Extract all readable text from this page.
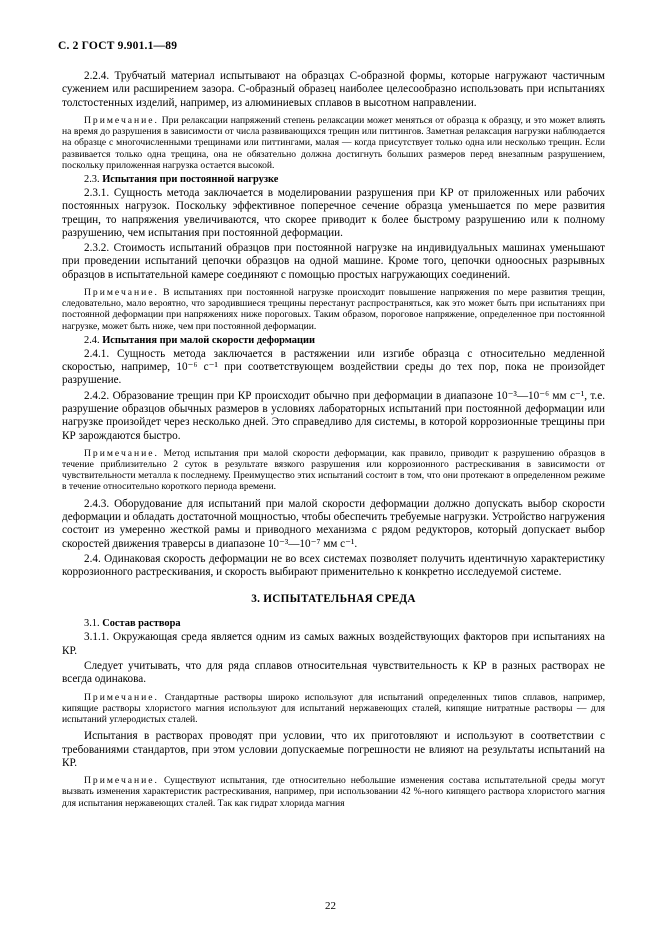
С. 2 ГОСТ 9.901.1—89

2.2.4. Трубчатый материал испытывают на образцах С-образной формы, которые нагружают частичным сужением или расширением зазора. С-образный образец наиболее целесообразно использовать при испытаниях толстостенных изделий, например, из алюминиевых сплавов в высотном направлении.

Примечание. При релаксации напряжений степень релаксации может меняться от образца к образцу, и это может влиять на время до разрушения в зависимости от числа развивающихся трещин или питтингов. Заметная релаксация нагрузки наблюдается на образце с многочисленными трещинами или питтингами, малая — когда присутствует только одна или несколько трещин. Если развивается только одна трещина, она не обязательно должна достигнуть больших размеров перед внезапным разрушением, поскольку приложенная нагрузка остается высокой.

2.3. Испытания при постоянной нагрузке

2.3.1. Сущность метода заключается в моделировании разрушения при КР от приложенных или рабочих постоянных нагрузок. Поскольку эффективное поперечное сечение образца уменьшается по мере развития трещин, то напряжения увеличиваются, что скорее приводит к более быстрому разрушению или к полному разрушению, чем испытания при постоянной деформации.

2.3.2. Стоимость испытаний образцов при постоянной нагрузке на индивидуальных машинах уменьшают при проведении испытаний цепочки образцов на одной машине. Кроме того, цепочки одноосных разрывных образцов в испытательной камере соединяют с помощью простых нагружающих соединений.

Примечание. В испытаниях при постоянной нагрузке происходит повышение напряжения по мере развития трещин, следовательно, мало вероятно, что зародившиеся трещины перестанут распространяться, как это может быть при испытаниях при постоянной деформации при напряжениях ниже пороговых. Таким образом, пороговое напряжение, определенное при постоянной нагрузке, может быть ниже, чем при постоянной деформации.

2.4. Испытания при малой скорости деформации

2.4.1. Сущность метода заключается в растяжении или изгибе образца с относительно медленной скоростью, например, 10⁻⁶ с⁻¹ при соответствующем воздействии среды до тех пор, пока не произойдет разрушение.

2.4.2. Образование трещин при КР происходит обычно при деформации в диапазоне 10⁻³—10⁻⁶ мм с⁻¹, т.е. разрушение образцов обычных размеров в условиях лабораторных испытаний при постоянной деформации или нагрузке произойдет через несколько дней. Это справедливо для системы, в которой коррозионные трещины при КР зарождаются быстро.

Примечание. Метод испытания при малой скорости деформации, как правило, приводит к разрушению образцов в течение приблизительно 2 суток в результате вязкого разрушения или коррозионного растрескивания в зависимости от чувствительности металла к последнему. Преимущество этих испытаний состоит в том, что они протекают в определенном режиме в течение относительно короткого периода времени.

2.4.3. Оборудование для испытаний при малой скорости деформации должно допускать выбор скорости деформации и обладать достаточной мощностью, чтобы обеспечить требуемые нагрузки. Устройство нагружения состоит из умеренно жесткой рамы и приводного механизма с рядом редукторов, который допускает выбор скоростей движения траверсы в диапазоне 10⁻³—10⁻⁷ мм с⁻¹.

2.4. Одинаковая скорость деформации не во всех системах позволяет получить идентичную характеристику коррозионного растрескивания, и скорость выбирают применительно к конкретно исследуемой системе.

3. ИСПЫТАТЕЛЬНАЯ СРЕДА

3.1. Состав раствора

3.1.1. Окружающая среда является одним из самых важных воздействующих факторов при испытаниях на КР.

Следует учитывать, что для ряда сплавов относительная чувствительность к КР в разных растворах не всегда одинакова.

Примечание. Стандартные растворы широко используют для испытаний определенных типов сплавов, например, кипящие растворы хлористого магния используют для испытаний нержавеющих сталей, кипящие нитратные растворы — для испытаний углеродистых сталей.

Испытания в растворах проводят при условии, что их приготовляют и используют в соответствии с требованиями стандартов, при этом условии допускаемые погрешности не влияют на результаты испытаний на КР.

Примечание. Существуют испытания, где относительно небольшие изменения состава испытательной среды могут вызвать изменения характеристик растрескивания, например, при использовании 42 %-ного кипящего раствора хлористого магния для испытания нержавеющих сталей. Так как гидрат хлорида магния

22
